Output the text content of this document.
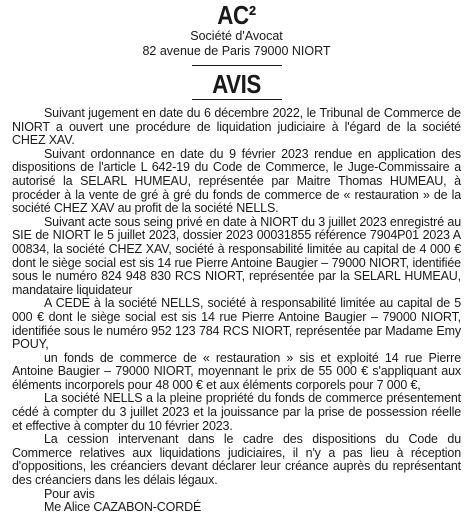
AC²
Société d'Avocat
82 avenue de Paris 79000 NIORT
AVIS

Suivant jugement en date du 6 décembre 2022, le Tribunal de Commerce de NIORT a ouvert une procédure de liquidation judiciaire à l'égard de la société CHEZ XAV.

Suivant ordonnance en date du 9 février 2023 rendue en application des dispositions de l'article L 642-19 du Code de Commerce, le Juge-Commissaire a autorisé la SELARL HUMEAU, représentée par Maitre Thomas HUMEAU, à procéder à la vente de gré à gré du fonds de commerce de « restauration » de la société CHEZ XAV au profit de la société NELLS.

Suivant acte sous seing privé en date à NIORT du 3 juillet 2023 enregistré au SIE de NIORT le 5 juillet 2023, dossier 2023 00031855 référence 7904P01 2023 A 00834, la société CHEZ XAV, société à responsabilité limitée au capital de 4 000 € dont le siège social est sis 14 rue Pierre Antoine Baugier – 79000 NIORT, identifiée sous le numéro 824 948 830 RCS NIORT, représentée par la SELARL HUMEAU, mandataire liquidateur

A CEDE à la société NELLS, société à responsabilité limitée au capital de 5 000 € dont le siège social est sis 14 rue Pierre Antoine Baugier – 79000 NIORT, identifiée sous le numéro 952 123 784 RCS NIORT, représentée par Madame Emy POUY,

un fonds de commerce de « restauration » sis et exploité 14 rue Pierre Antoine Baugier – 79000 NIORT, moyennant le prix de 55 000 € s'appliquant aux éléments incorporels pour 48 000 € et aux éléments corporels pour 7 000 €,

La société NELLS a la pleine propriété du fonds de commerce présentement cédé à compter du 3 juillet 2023 et la jouissance par la prise de possession réelle et effective à compter du 10 février 2023.

La cession intervenant dans le cadre des dispositions du Code du Commerce relatives aux liquidations judiciaires, il n'y a pas lieu à réception d'oppositions, les créanciers devant déclarer leur créance auprès du représentant des créanciers dans les délais légaux.

Pour avis

Me Alice CAZABON-CORDÉ
